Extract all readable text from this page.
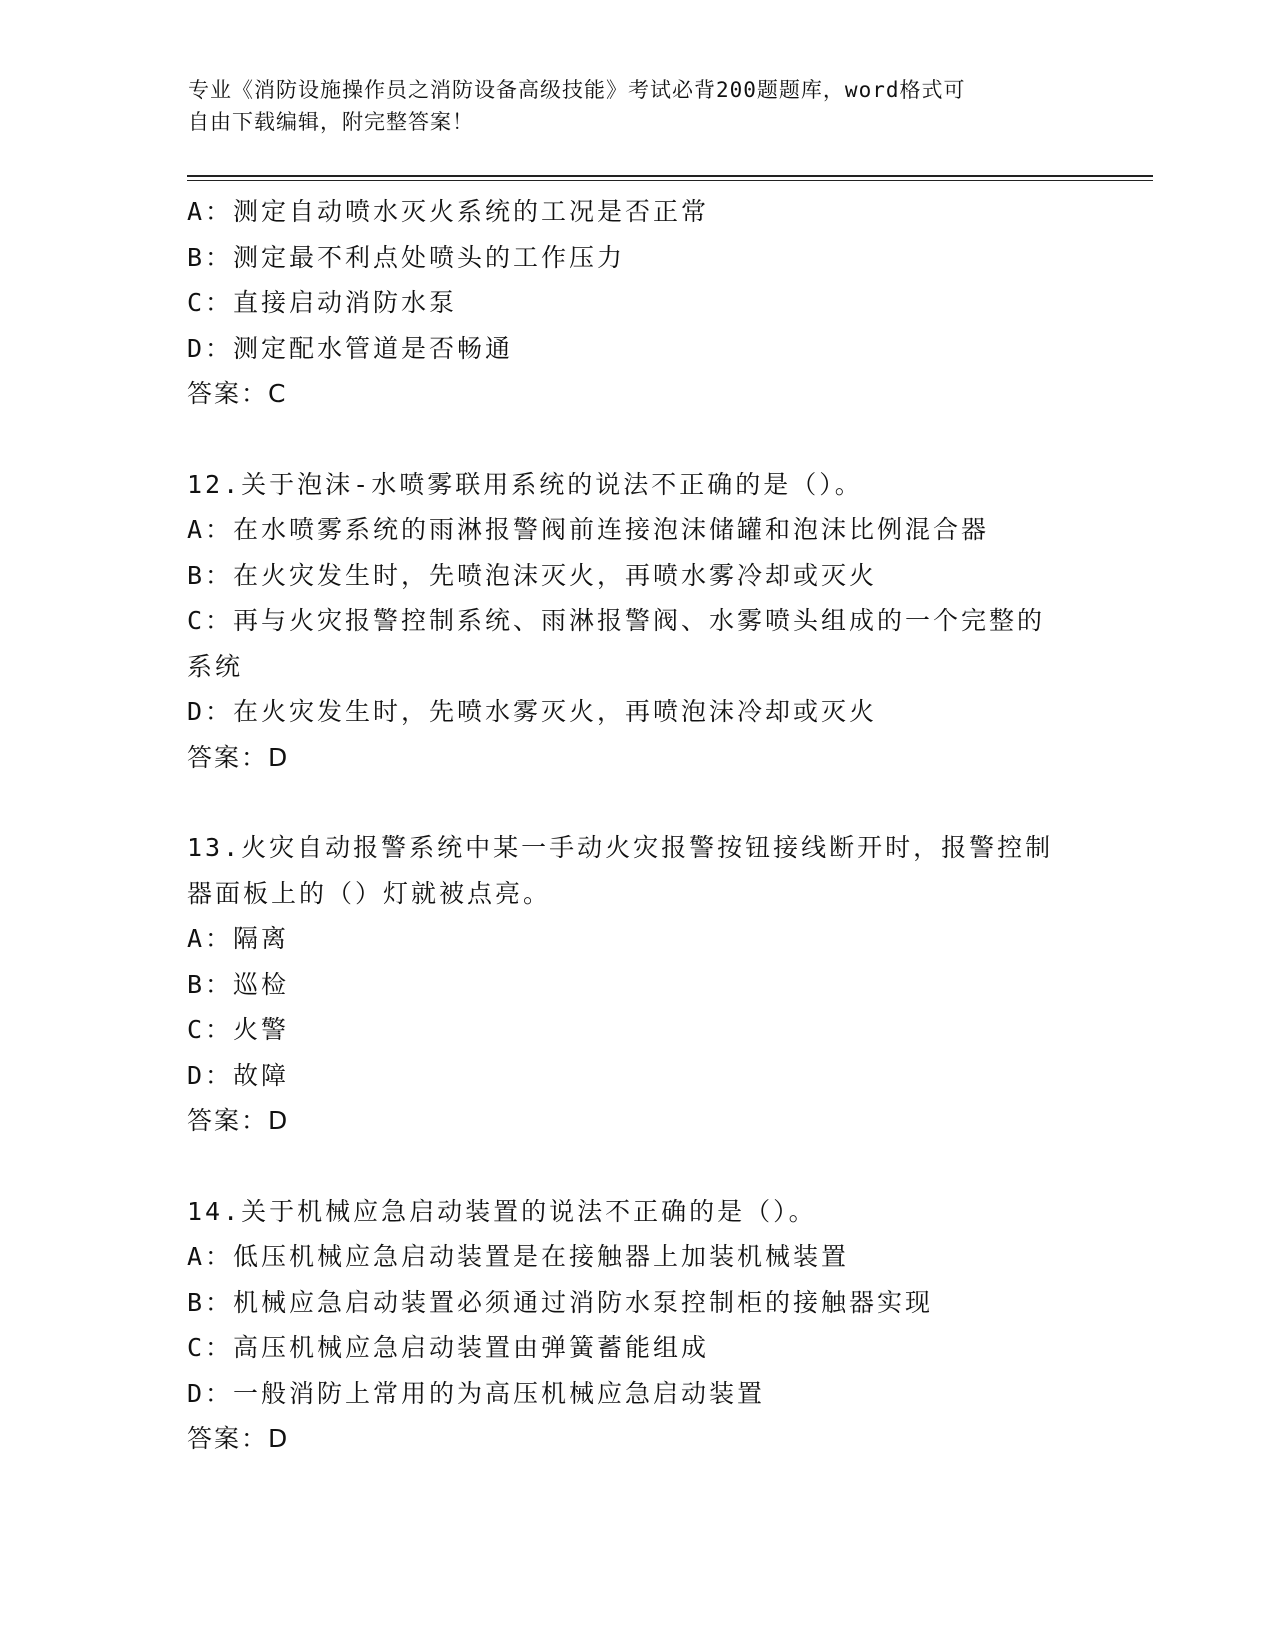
专业《消防设施操作员之消防设备高级技能》考试必背200题题库，word格式可
自由下载编辑，附完整答案！
A：测定自动喷水灭火系统的工况是否正常
B：测定最不利点处喷头的工作压力
C：直接启动消防水泵
D：测定配水管道是否畅通
答案：C
12.关于泡沫-水喷雾联用系统的说法不正确的是（）。
A：在水喷雾系统的雨淋报警阀前连接泡沫储罐和泡沫比例混合器
B：在火灾发生时，先喷泡沫灭火，再喷水雾冷却或灭火
C：再与火灾报警控制系统、雨淋报警阀、水雾喷头组成的一个完整的系统
D：在火灾发生时，先喷水雾灭火，再喷泡沫冷却或灭火
答案：D
13.火灾自动报警系统中某一手动火灾报警按钮接线断开时，报警控制器面板上的（）灯就被点亮。
A：隔离
B：巡检
C：火警
D：故障
答案：D
14.关于机械应急启动装置的说法不正确的是（）。
A：低压机械应急启动装置是在接触器上加装机械装置
B：机械应急启动装置必须通过消防水泵控制柜的接触器实现
C：高压机械应急启动装置由弹簧蓄能组成
D：一般消防上常用的为高压机械应急启动装置
答案：D
